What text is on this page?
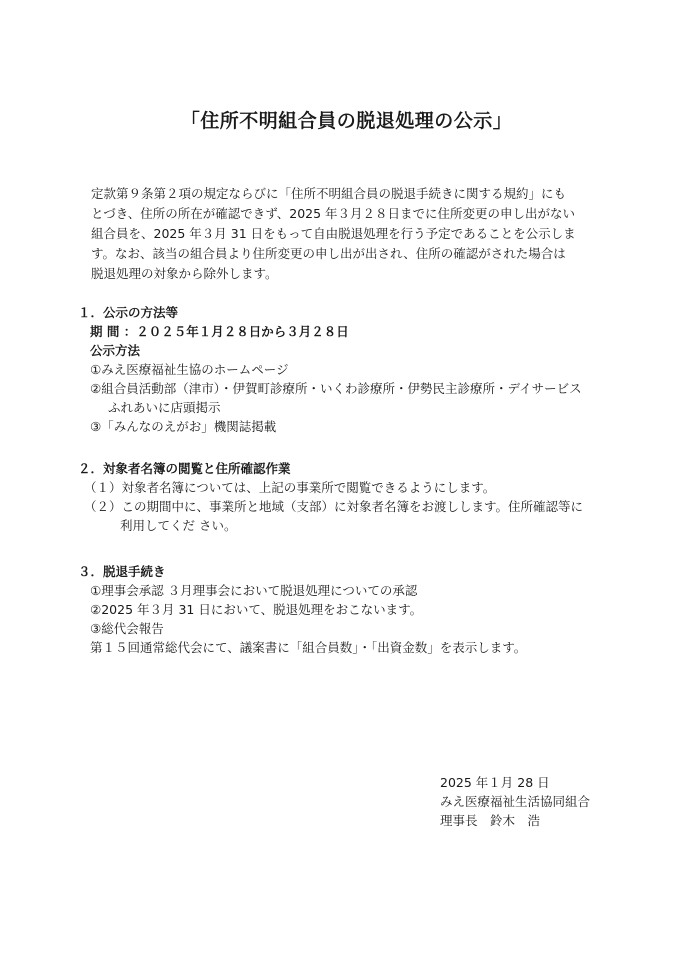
「住所不明組合員の脱退処理の公示」
定款第９条第２項の規定ならびに「住所不明組合員の脱退手続きに関する規約」にも
とづき、住所の所在が確認できず、2025 年３月２８日までに住所変更の申し出がない
組合員を、2025 年３月 31 日をもって自由脱退処理を行う予定であることを公示しま
す。なお、該当の組合員より住所変更の申し出が出され、住所の確認がされた場合は
脱退処理の対象から除外します。
１．公示の方法等
期 間 ：２０２５年１月２８日から３月２８日
公示方法
①みえ医療福祉生協のホームページ
②組合員活動部（津市）・伊賀町診療所・いくわ診療所・伊勢民主診療所・デイサービス
ふれあいに店頭掲示
③「みんなのえがお」機関誌掲載
２．対象者名簿の閲覧と住所確認作業
（１）対象者名簿については、上記の事業所で閲覧できるようにします。
（２）この期間中に、事業所と地域（支部）に対象者名簿をお渡しします。住所確認等に
利用してくだ さい。
３．脱退手続き
①理事会承認 ３月理事会において脱退処理についての承認
②2025 年３月 31 日において、脱退処理をおこないます。
③総代会報告
第１５回通常総代会にて、議案書に「組合員数」・「出資金数」を表示します。
2025 年１月 28 日
みえ医療福祉生活協同組合
理事長　鈴木　浩
